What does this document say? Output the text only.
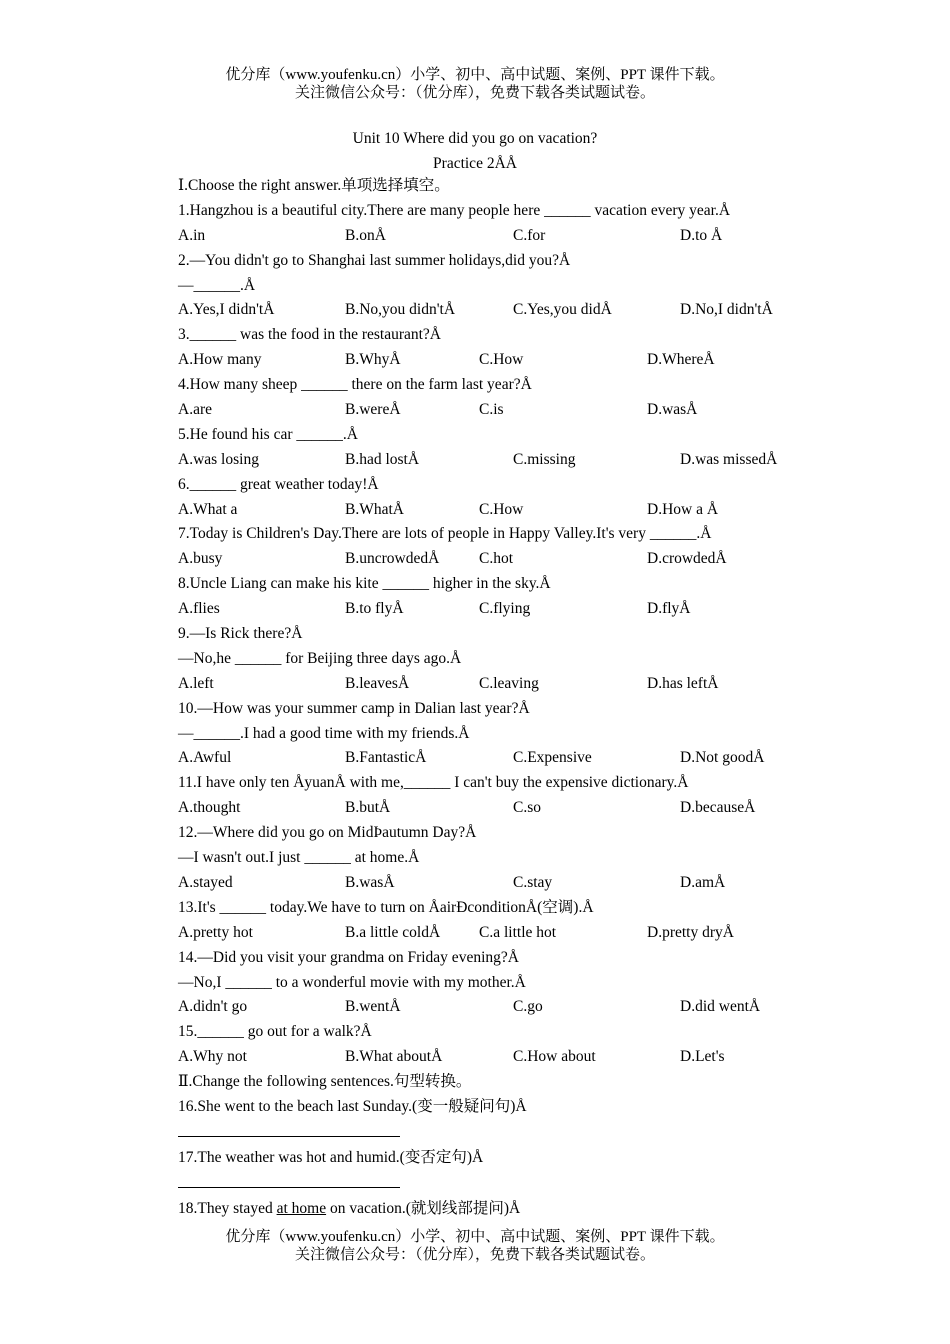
优分库（www.youfenku.cn）小学、初中、高中试题、案例、PPT 课件下载。
关注微信公众号：（优分库），免费下载各类试题试卷。
Unit 10 Where did you go on vacation?
Practice 2ÅÅ
Ⅰ.Choose the right answer.单项选择填空。
1.Hangzhou is a beautiful city.There are many people here ______ vacation every year.Å
A.in	B.onÅ	C.for	D.to Å
2.—You didn't go to Shanghai last summer holidays,did you?Å
—______.Å
A.Yes,I didn'tÅ	B.No,you didn'tÅ	C.Yes,you didÅ	D.No,I didn'tÅ
3.______ was the food in the restaurant?Å
A.How many	B.WhyÅ	C.How	D.WhereÅ
4.How many sheep ______ there on the farm last year?Å
A.are	B.wereÅ	C.is	D.wasÅ
5.He found his car ______.Å
A.was losing	B.had lostÅ	C.missing	D.was missedÅ
6.______ great weather today!Å
A.What a	B.WhatÅ	C.How	D.How a Å
7.Today is Children's Day.There are lots of people in Happy Valley.It's very ______.Å
A.busy	B.uncrowdedÅ	C.hot	D.crowdedÅ
8.Uncle Liang can make his kite ______ higher in the sky.Å
A.flies	B.to flyÅ	C.flying	D.flyÅ
9.—Is Rick there?Å
—No,he ______ for Beijing three days ago.Å
A.left	B.leavesÅ	C.leaving	D.has leftÅ
10.—How was your summer camp in Dalian last year?Å
—______.I had a good time with my friends.Å
A.Awful	B.FantasticÅ	C.Expensive	D.Not goodÅ
11.I have only ten ÅyuanÅ with me,______ I can't buy the expensive dictionary.Å
A.thought	B.butÅ	C.so	D.becauseÅ
12.—Where did you go on MidÞautumn Day?Å
—I wasn't out.I just ______ at home.Å
A.stayed	B.wasÅ	C.stay	D.amÅ
13.It's ______ today.We have to turn on ÅairÐconditionÅ(空调).Å
A.pretty hot	B.a little coldÅ	C.a little hot	D.pretty dryÅ
14.—Did you visit your grandma on Friday evening?Å
—No,I ______ to a wonderful movie with my mother.Å
A.didn't go	B.wentÅ	C.go	D.did wentÅ
15.______ go out for a walk?Å
A.Why not	B.What aboutÅ	C.How about	D.Let's
Ⅱ.Change the following sentences.句型转换。
16.She went to the beach last Sunday.(变一般疑问句)Å
17.The weather was hot and humid.(变否定句)Å
18.They stayed at home on vacation.(就划线部提问)Å
优分库（www.youfenku.cn）小学、初中、高中试题、案例、PPT 课件下载。
关注微信公众号：（优分库），免费下载各类试题试卷。
